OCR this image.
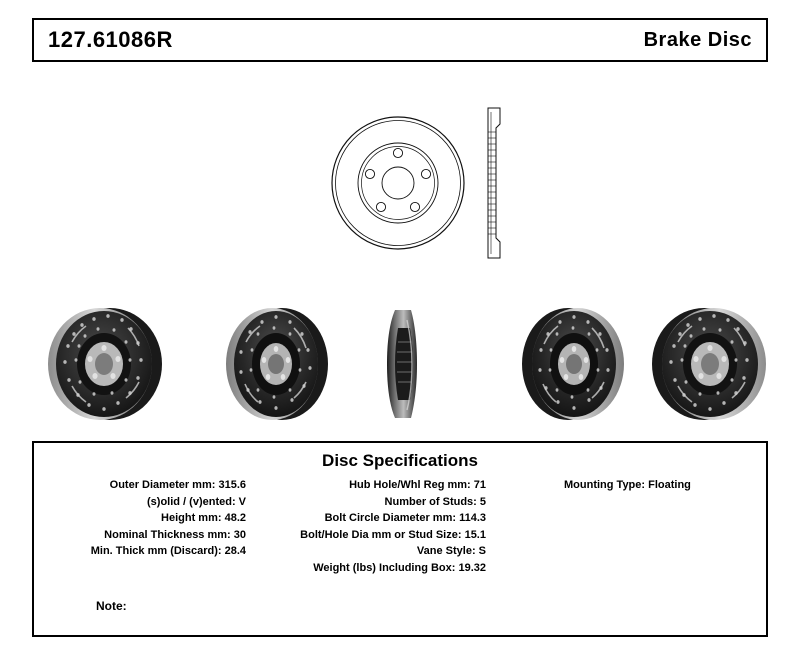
127.61086R	Brake Disc
Disc Specifications
Outer Diameter mm: 315.6
(s)olid / (v)ented: V
Height mm: 48.2
Nominal Thickness mm: 30
Min. Thick mm (Discard): 28.4
Hub Hole/Whl Reg mm: 71
Number of Studs: 5
Bolt Circle Diameter mm: 114.3
Bolt/Hole Dia mm or Stud Size: 15.1
Vane Style: S
Weight (lbs) Including Box: 19.32
Mounting Type: Floating
Note:
